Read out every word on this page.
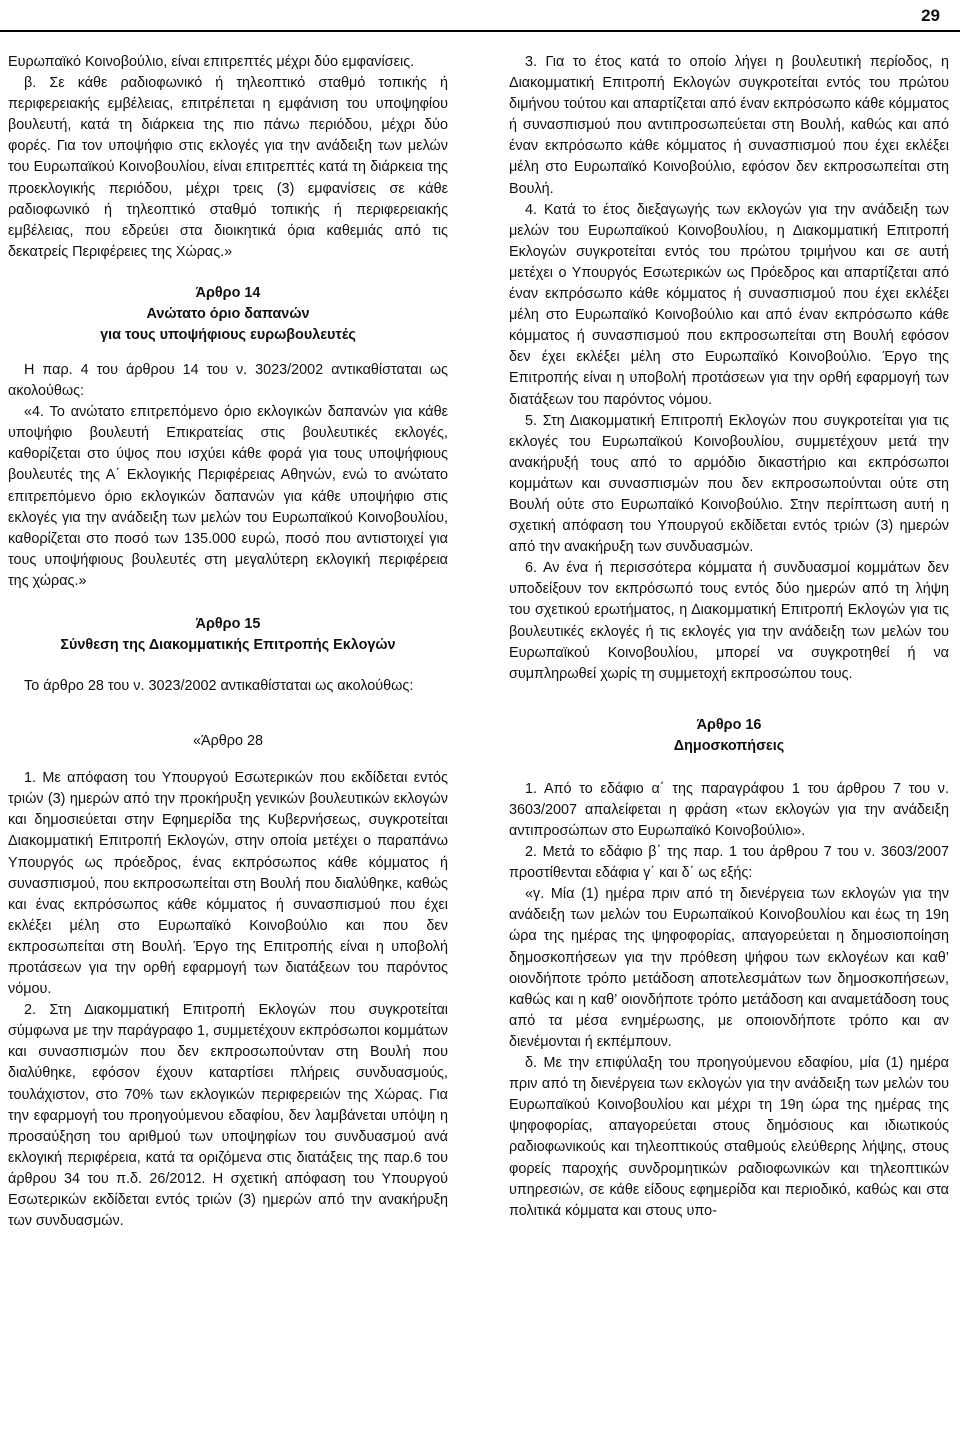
29

Ευρωπαϊκό Κοινοβούλιο, είναι επιτρεπτές μέχρι δύο εμφανίσεις.

β. Σε κάθε ραδιοφωνικό ή τηλεοπτικό σταθμό τοπικής ή περιφερειακής εμβέλειας, επιτρέπεται η εμφάνιση του υποψηφίου βουλευτή, κατά τη διάρκεια της πιο πάνω περιόδου, μέχρι δύο φορές. Για τον υποψήφιο στις εκλογές για την ανάδειξη των μελών του Ευρωπαϊκού Κοινοβουλίου, είναι επιτρεπτές κατά τη διάρκεια της προεκλογικής περιόδου, μέχρι τρεις (3) εμφανίσεις σε κάθε ραδιοφωνικό ή τηλεοπτικό σταθμό τοπικής ή περιφερειακής εμβέλειας, που εδρεύει στα διοικητικά όρια καθεμιάς από τις δεκατρείς Περιφέρειες της Χώρας.»

Άρθρο 14
Ανώτατο όριο δαπανών
για τους υποψήφιους ευρωβουλευτές

Η παρ. 4 του άρθρου 14 του ν. 3023/2002 αντικαθίσταται ως ακολούθως:

«4. Το ανώτατο επιτρεπόμενο όριο εκλογικών δαπανών για κάθε υποψήφιο βουλευτή Επικρατείας στις βουλευτικές εκλογές, καθορίζεται στο ύψος που ισχύει κάθε φορά για τους υποψήφιους βουλευτές της Α΄ Εκλογικής Περιφέρειας Αθηνών, ενώ το ανώτατο επιτρεπόμενο όριο εκλογικών δαπανών για κάθε υποψήφιο στις εκλογές για την ανάδειξη των μελών του Ευρωπαϊκού Κοινοβουλίου, καθορίζεται στο ποσό των 135.000 ευρώ, ποσό που αντιστοιχεί για τους υποψήφιους βουλευτές στη μεγαλύτερη εκλογική περιφέρεια της χώρας.»

Άρθρο 15
Σύνθεση της Διακομματικής Επιτροπής Εκλογών

Το άρθρο 28 του ν. 3023/2002 αντικαθίσταται ως ακολούθως:

«Άρθρο 28

1. Με απόφαση του Υπουργού Εσωτερικών που εκδίδεται εντός τριών (3) ημερών από την προκήρυξη γενικών βουλευτικών εκλογών και δημοσιεύεται στην Εφημερίδα της Κυβερνήσεως, συγκροτείται Διακομματική Επιτροπή Εκλογών, στην οποία μετέχει ο παραπάνω Υπουργός ως πρόεδρος, ένας εκπρόσωπος κάθε κόμματος ή συνασπισμού, που εκπροσωπείται στη Βουλή που διαλύθηκε, καθώς και ένας εκπρόσωπος κάθε κόμματος ή συνασπισμού που έχει εκλέξει μέλη στο Ευρωπαϊκό Κοινοβούλιο και που δεν εκπροσωπείται στη Βουλή. Έργο της Επιτροπής είναι η υποβολή προτάσεων για την ορθή εφαρμογή των διατάξεων του παρόντος νόμου.

2. Στη Διακομματική Επιτροπή Εκλογών που συγκροτείται σύμφωνα με την παράγραφο 1, συμμετέχουν εκπρόσωποι κομμάτων και συνασπισμών που δεν εκπροσωπούνταν στη Βουλή που διαλύθηκε, εφόσον έχουν καταρτίσει πλήρεις συνδυασμούς, τουλάχιστον, στο 70% των εκλογικών περιφερειών της Χώρας. Για την εφαρμογή του προηγούμενου εδαφίου, δεν λαμβάνεται υπόψη η προσαύξηση του αριθμού των υποψηφίων του συνδυασμού ανά εκλογική περιφέρεια, κατά τα οριζόμενα στις διατάξεις της παρ.6 του άρθρου 34 του π.δ. 26/2012. Η σχετική απόφαση του Υπουργού Εσωτερικών εκδίδεται εντός τριών (3) ημερών από την ανακήρυξη των συνδυασμών.

3. Για το έτος κατά το οποίο λήγει η βουλευτική περίοδος, η Διακομματική Επιτροπή Εκλογών συγκροτείται εντός του πρώτου διμήνου τούτου και απαρτίζεται από έναν εκπρόσωπο κάθε κόμματος ή συνασπισμού που αντιπροσωπεύεται στη Βουλή, καθώς και από έναν εκπρόσωπο κάθε κόμματος ή συνασπισμού που έχει εκλέξει μέλη στο Ευρωπαϊκό Κοινοβούλιο, εφόσον δεν εκπροσωπείται στη Βουλή.

4. Κατά το έτος διεξαγωγής των εκλογών για την ανάδειξη των μελών του Ευρωπαϊκού Κοινοβουλίου, η Διακομματική Επιτροπή Εκλογών συγκροτείται εντός του πρώτου τριμήνου και σε αυτή μετέχει ο Υπουργός Εσωτερικών ως Πρόεδρος και απαρτίζεται από έναν εκπρόσωπο κάθε κόμματος ή συνασπισμού που έχει εκλέξει μέλη στο Ευρωπαϊκό Κοινοβούλιο και από έναν εκπρόσωπο κάθε κόμματος ή συνασπισμού που εκπροσωπείται στη Βουλή εφόσον δεν έχει εκλέξει μέλη στο Ευρωπαϊκό Κοινοβούλιο. Έργο της Επιτροπής είναι η υποβολή προτάσεων για την ορθή εφαρμογή των διατάξεων του παρόντος νόμου.

5. Στη Διακομματική Επιτροπή Εκλογών που συγκροτείται για τις εκλογές του Ευρωπαϊκού Κοινοβουλίου, συμμετέχουν μετά την ανακήρυξή τους από το αρμόδιο δικαστήριο και εκπρόσωποι κομμάτων και συνασπισμών που δεν εκπροσωπούνται ούτε στη Βουλή ούτε στο Ευρωπαϊκό Κοινοβούλιο. Στην περίπτωση αυτή η σχετική απόφαση του Υπουργού εκδίδεται εντός τριών (3) ημερών από την ανακήρυξη των συνδυασμών.

6. Αν ένα ή περισσότερα κόμματα ή συνδυασμοί κομμάτων δεν υποδείξουν τον εκπρόσωπό τους εντός δύο ημερών από τη λήψη του σχετικού ερωτήματος, η Διακομματική Επιτροπή Εκλογών για τις βουλευτικές εκλογές ή τις εκλογές για την ανάδειξη των μελών του Ευρωπαϊκού Κοινοβουλίου, μπορεί να συγκροτηθεί ή να συμπληρωθεί χωρίς τη συμμετοχή εκπροσώπου τους.

Άρθρο 16
Δημοσκοπήσεις

1. Από το εδάφιο α΄ της παραγράφου 1 του άρθρου 7 του ν. 3603/2007 απαλείφεται η φράση «των εκλογών για την ανάδειξη αντιπροσώπων στο Ευρωπαϊκό Κοινοβούλιο».

2. Μετά το εδάφιο β΄ της παρ. 1 του άρθρου 7 του ν. 3603/2007 προστίθενται εδάφια γ΄ και δ΄ ως εξής:

«γ. Μία (1) ημέρα πριν από τη διενέργεια των εκλογών για την ανάδειξη των μελών του Ευρωπαϊκού Κοινοβουλίου και έως τη 19η ώρα της ημέρας της ψηφοφορίας, απαγορεύεται η δημοσιοποίηση δημοσκοπήσεων για την πρόθεση ψήφου των εκλογέων και καθ’ οιονδήποτε τρόπο μετάδοση αποτελεσμάτων των δημοσκοπήσεων, καθώς και η καθ’ οιονδήποτε τρόπο μετάδοση και αναμετάδοση τους από τα μέσα ενημέρωσης, με οποιονδήποτε τρόπο και αν διενέμονται ή εκπέμπουν.

δ. Με την επιφύλαξη του προηγούμενου εδαφίου, μία (1) ημέρα πριν από τη διενέργεια των εκλογών για την ανάδειξη των μελών του Ευρωπαϊκού Κοινοβουλίου και μέχρι τη 19η ώρα της ημέρας της ψηφοφορίας, απαγορεύεται στους δημόσιους και ιδιωτικούς ραδιοφωνικούς και τηλεοπτικούς σταθμούς ελεύθερης λήψης, στους φορείς παροχής συνδρομητικών ραδιοφωνικών και τηλεοπτικών υπηρεσιών, σε κάθε είδους εφημερίδα και περιοδικό, καθώς και στα πολιτικά κόμματα και στους υπο-
